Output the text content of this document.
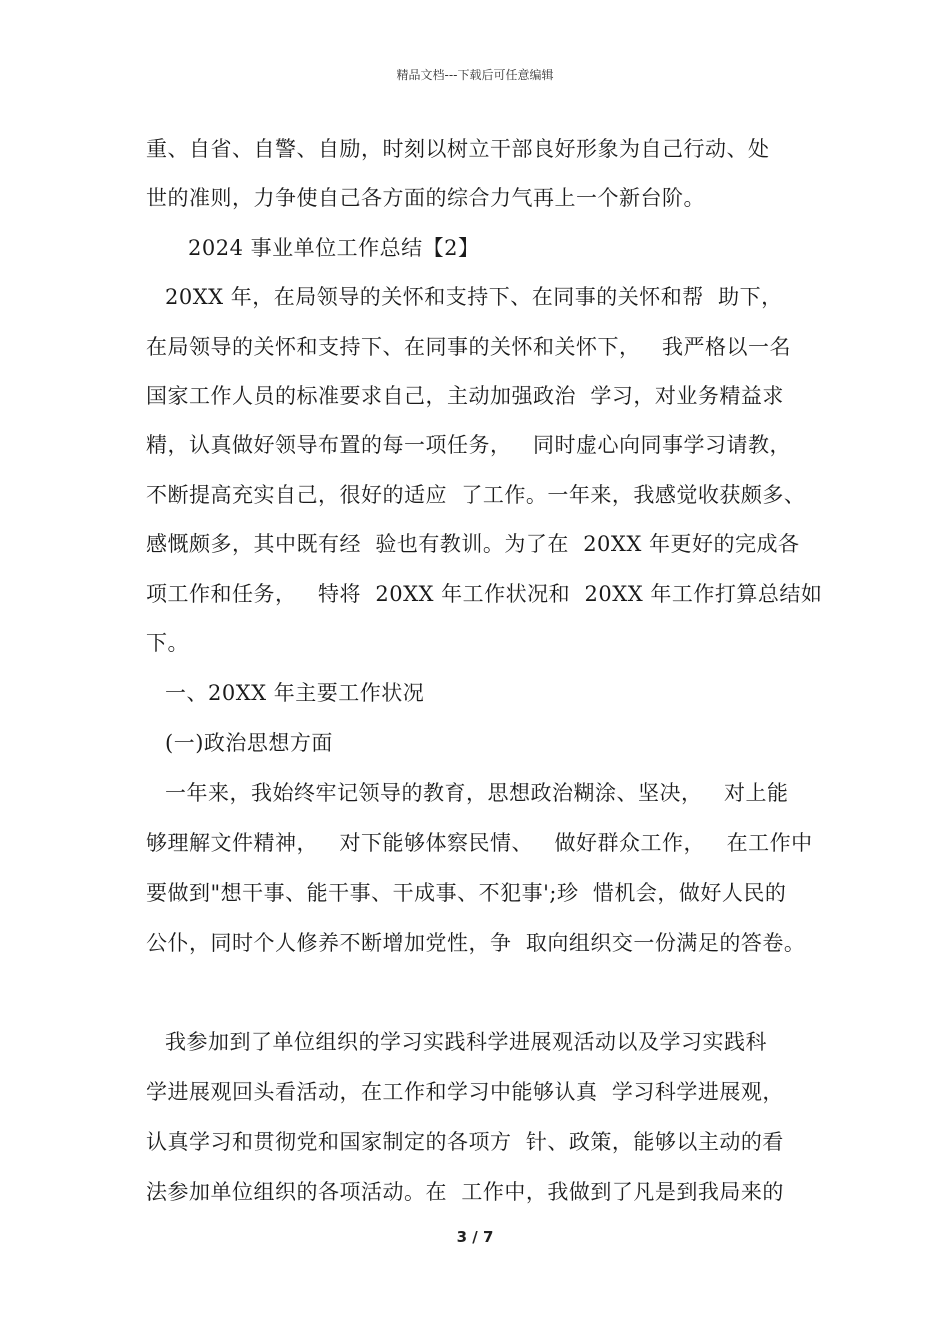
精品文档---下载后可任意编辑
重、自省、自警、自励，时刻以树立干部良好形象为自己行动、处
世的准则，力争使自己各方面的综合力气再上一个新台阶。
2024 事业单位工作总结【2】
20XX 年，在局领导的关怀和支持下、在同事的关怀和帮  助下，
在局领导的关怀和支持下、在同事的关怀和关怀下，   我严格以一名
国家工作人员的标准要求自己，主动加强政治  学习，对业务精益求
精，认真做好领导布置的每一项任务，   同时虚心向同事学习请教，
不断提高充实自己，很好的适应  了工作。一年来，我感觉收获颇多、
感慨颇多，其中既有经  验也有教训。为了在  20XX 年更好的完成各
项工作和任务，   特将  20XX 年工作状况和  20XX 年工作打算总结如
下。
一、20XX 年主要工作状况
(一)政治思想方面
一年来，我始终牢记领导的教育，思想政治糊涂、坚决，   对上能
够理解文件精神，   对下能够体察民情、   做好群众工作，   在工作中
要做到"想干事、能干事、干成事、不犯事';珍  惜机会，做好人民的
公仆，同时个人修养不断增加党性，争  取向组织交一份满足的答卷。
我参加到了单位组织的学习实践科学进展观活动以及学习实践科
学进展观回头看活动，在工作和学习中能够认真  学习科学进展观，
认真学习和贯彻党和国家制定的各项方  针、政策，能够以主动的看
法参加单位组织的各项活动。在  工作中，我做到了凡是到我局来的
3 / 7
